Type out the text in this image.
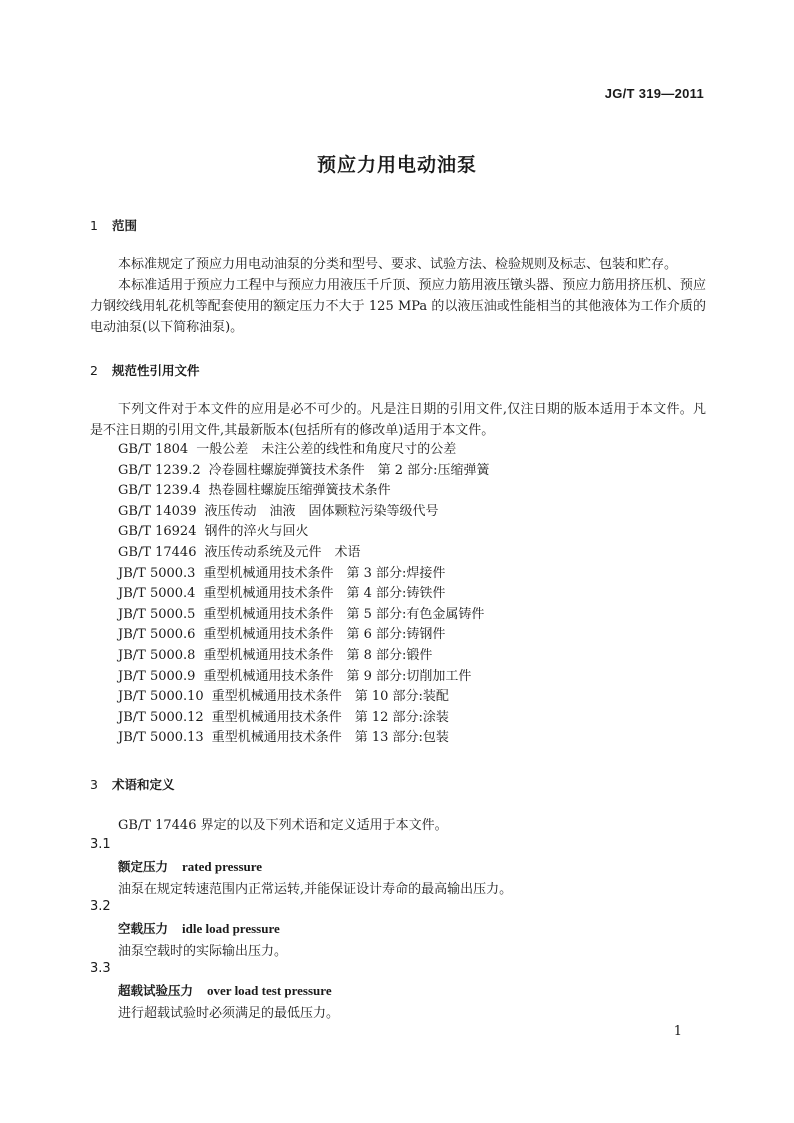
JG/T 319—2011
预应力用电动油泵
1 范围
本标准规定了预应力用电动油泵的分类和型号、要求、试验方法、检验规则及标志、包装和贮存。
本标准适用于预应力工程中与预应力用液压千斤顶、预应力筋用液压镦头器、预应力筋用挤压机、预应力钢绞线用轧花机等配套使用的额定压力不大于 125 MPa 的以液压油或性能相当的其他液体为工作介质的电动油泵(以下简称油泵)。
2 规范性引用文件
下列文件对于本文件的应用是必不可少的。凡是注日期的引用文件,仅注日期的版本适用于本文件。凡是不注日期的引用文件,其最新版本(包括所有的修改单)适用于本文件。
GB/T 1804 一般公差　未注公差的线性和角度尺寸的公差
GB/T 1239.2 冷卷圆柱螺旋弹簧技术条件　第 2 部分:压缩弹簧
GB/T 1239.4 热卷圆柱螺旋压缩弹簧技术条件
GB/T 14039 液压传动　油液　固体颗粒污染等级代号
GB/T 16924 钢件的淬火与回火
GB/T 17446 液压传动系统及元件　术语
JB/T 5000.3 重型机械通用技术条件　第 3 部分:焊接件
JB/T 5000.4 重型机械通用技术条件　第 4 部分:铸铁件
JB/T 5000.5 重型机械通用技术条件　第 5 部分:有色金属铸件
JB/T 5000.6 重型机械通用技术条件　第 6 部分:铸钢件
JB/T 5000.8 重型机械通用技术条件　第 8 部分:锻件
JB/T 5000.9 重型机械通用技术条件　第 9 部分:切削加工件
JB/T 5000.10 重型机械通用技术条件　第 10 部分:装配
JB/T 5000.12 重型机械通用技术条件　第 12 部分:涂装
JB/T 5000.13 重型机械通用技术条件　第 13 部分:包装
3 术语和定义
GB/T 17446 界定的以及下列术语和定义适用于本文件。
3.1
额定压力 rated pressure
油泵在规定转速范围内正常运转,并能保证设计寿命的最高输出压力。
3.2
空载压力 idle load pressure
油泵空载时的实际输出压力。
3.3
超载试验压力 over load test pressure
进行超载试验时必须满足的最低压力。
1
